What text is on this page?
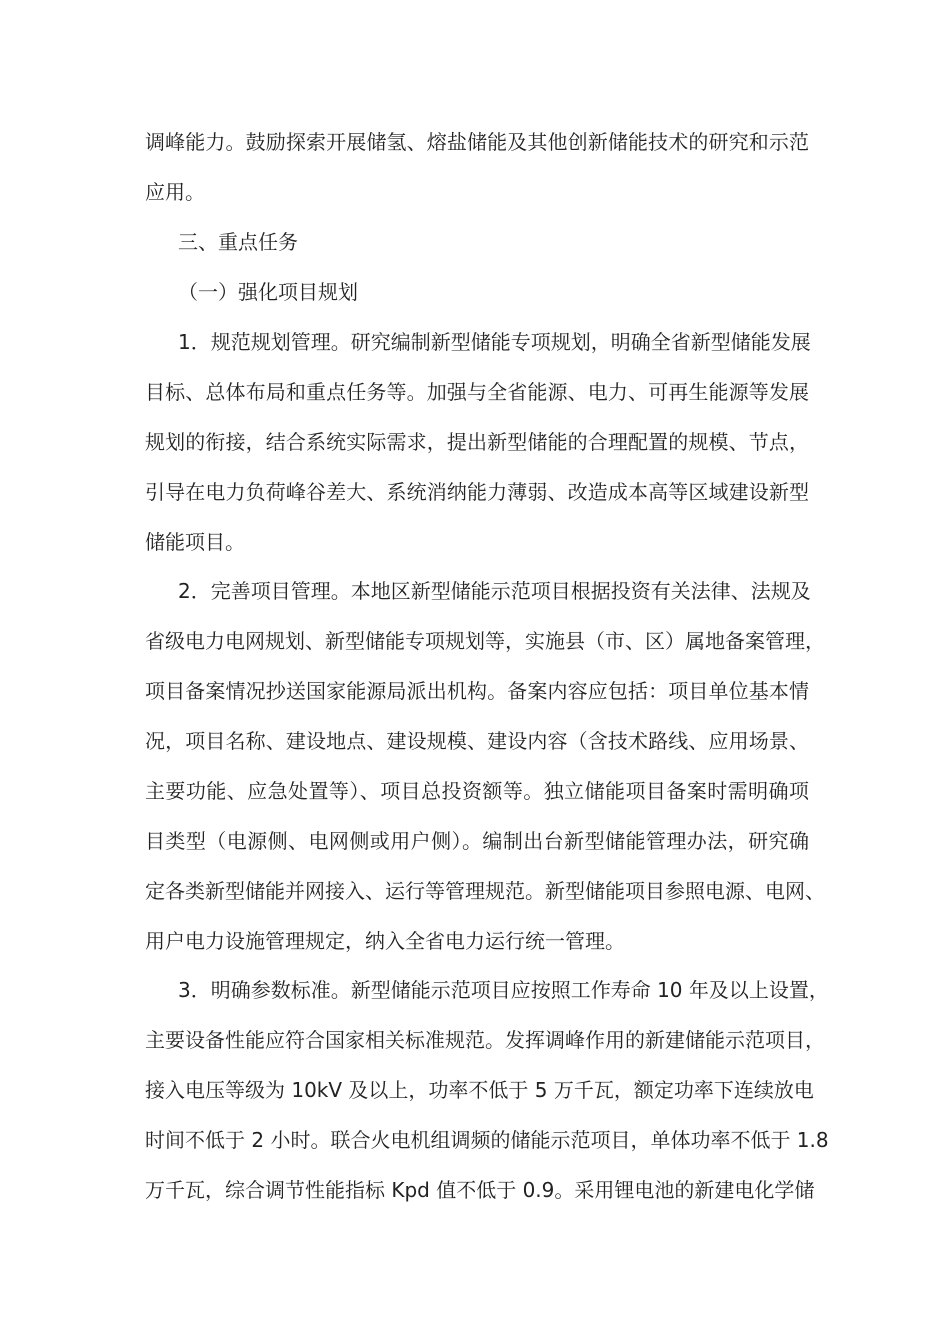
调峰能力。鼓励探索开展储氢、熔盐储能及其他创新储能技术的研究和示范
应用。
三、重点任务
（一）强化项目规划
1．规范规划管理。研究编制新型储能专项规划，明确全省新型储能发展
目标、总体布局和重点任务等。加强与全省能源、电力、可再生能源等发展
规划的衔接，结合系统实际需求，提出新型储能的合理配置的规模、节点，
引导在电力负荷峰谷差大、系统消纳能力薄弱、改造成本高等区域建设新型
储能项目。
2．完善项目管理。本地区新型储能示范项目根据投资有关法律、法规及
省级电力电网规划、新型储能专项规划等，实施县（市、区）属地备案管理，
项目备案情况抄送国家能源局派出机构。备案内容应包括：项目单位基本情
况，项目名称、建设地点、建设规模、建设内容（含技术路线、应用场景、
主要功能、应急处置等）、项目总投资额等。独立储能项目备案时需明确项
目类型（电源侧、电网侧或用户侧）。编制出台新型储能管理办法，研究确
定各类新型储能并网接入、运行等管理规范。新型储能项目参照电源、电网、
用户电力设施管理规定，纳入全省电力运行统一管理。
3．明确参数标准。新型储能示范项目应按照工作寿命 10 年及以上设置，
主要设备性能应符合国家相关标准规范。发挥调峰作用的新建储能示范项目，
接入电压等级为 10kV 及以上，功率不低于 5 万千瓦，额定功率下连续放电
时间不低于 2 小时。联合火电机组调频的储能示范项目，单体功率不低于 1.8
万千瓦，综合调节性能指标 Kpd 值不低于 0.9。采用锂电池的新建电化学储
